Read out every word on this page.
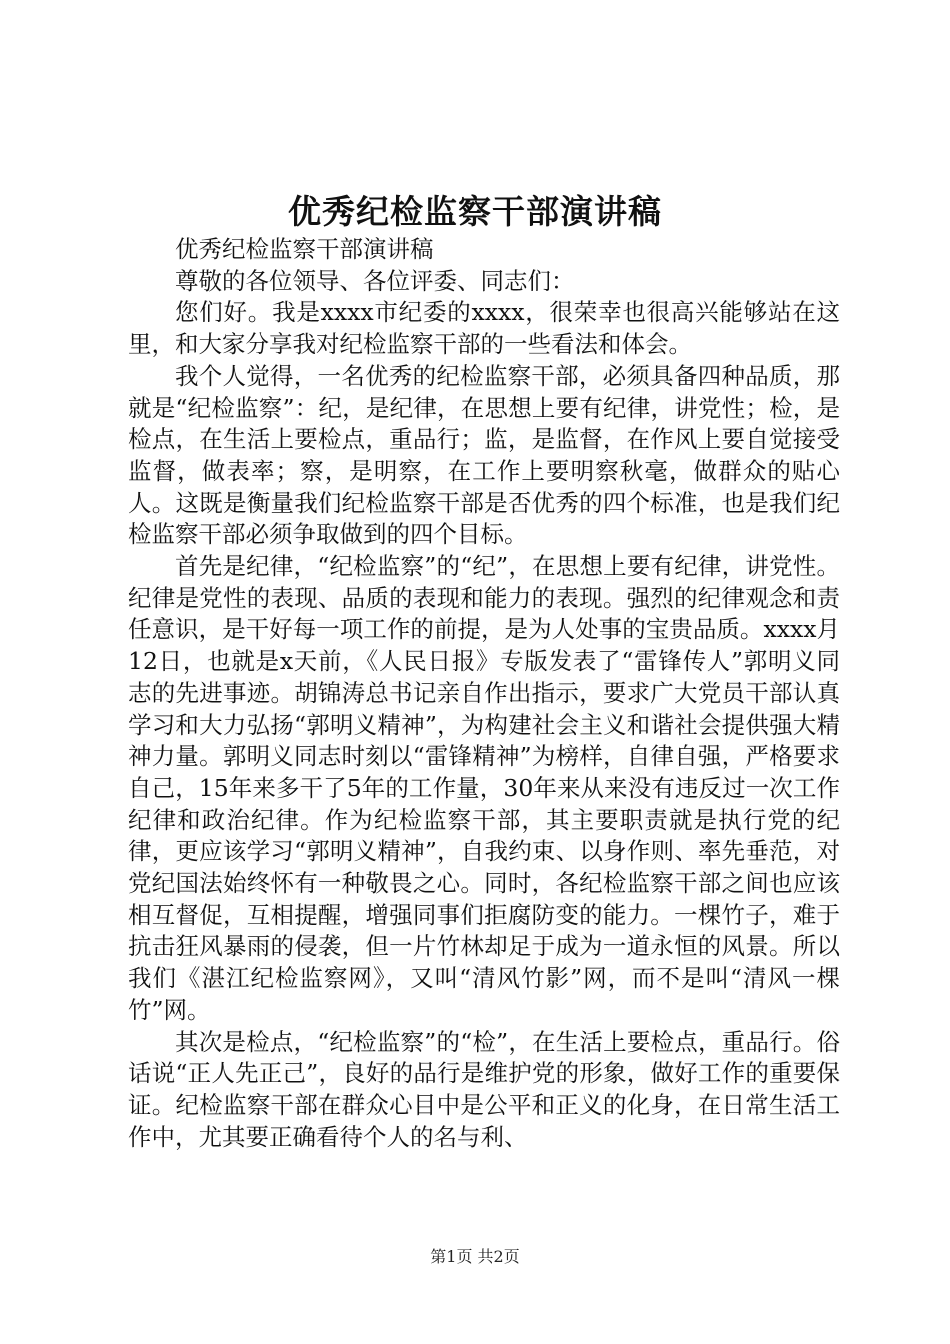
优秀纪检监察干部演讲稿

优秀纪检监察干部演讲稿

尊敬的各位领导、各位评委、同志们：

您们好。我是xxxx市纪委的xxxx，很荣幸也很高兴能够站在这里，和大家分享我对纪检监察干部的一些看法和体会。

我个人觉得，一名优秀的纪检监察干部，必须具备四种品质，那就是“纪检监察”：纪，是纪律，在思想上要有纪律，讲党性；检，是检点，在生活上要检点，重品行；监，是监督，在作风上要自觉接受监督，做表率；察，是明察，在工作上要明察秋毫，做群众的贴心人。这既是衡量我们纪检监察干部是否优秀的四个标准，也是我们纪检监察干部必须争取做到的四个目标。

首先是纪律，“纪检监察”的“纪”，在思想上要有纪律，讲党性。纪律是党性的表现、品质的表现和能力的表现。强烈的纪律观念和责任意识，是干好每一项工作的前提，是为人处事的宝贵品质。xxxx月12日，也就是x天前，《人民日报》专版发表了“雷锋传人”郭明义同志的先进事迹。胡锦涛总书记亲自作出指示，要求广大党员干部认真学习和大力弘扬“郭明义精神”，为构建社会主义和谐社会提供强大精神力量。郭明义同志时刻以“雷锋精神”为榜样，自律自强，严格要求自己，15年来多干了5年的工作量，30年来从来没有违反过一次工作纪律和政治纪律。作为纪检监察干部，其主要职责就是执行党的纪律，更应该学习“郭明义精神”，自我约束、以身作则、率先垂范，对党纪国法始终怀有一种敬畏之心。同时，各纪检监察干部之间也应该相互督促，互相提醒，增强同事们拒腐防变的能力。一棵竹子，难于抗击狂风暴雨的侵袭，但一片竹林却足于成为一道永恒的风景。所以我们《湛江纪检监察网》，又叫“清风竹影”网，而不是叫“清风一棵竹”网。

其次是检点，“纪检监察”的“检”，在生活上要检点，重品行。俗话说“正人先正己”，良好的品行是维护党的形象，做好工作的重要保证。纪检监察干部在群众心目中是公平和正义的化身，在日常生活工作中，尤其要正确看待个人的名与利、

第1页 共2页
